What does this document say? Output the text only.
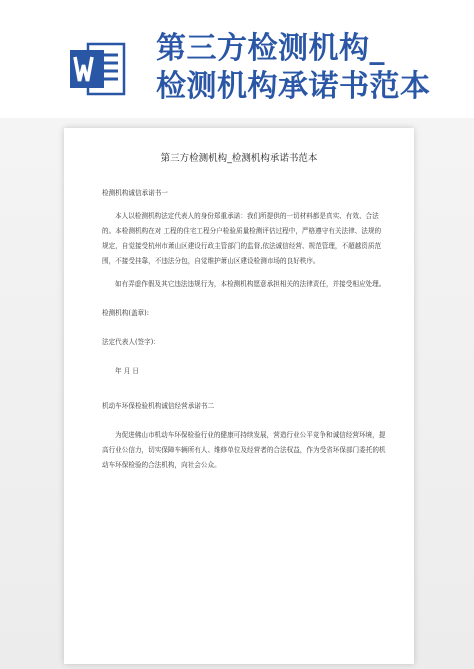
第三方检测机构_
检测机构承诺书范本
第三方检测机构_检测机构承诺书范本

检测机构诚信承诺书一

本人以检测机构法定代表人的身份郑重承诺：我们所提供的一切材料都是真实、有效、合法的。本检测机构在对 工程的住宅工程分户检验质量检测评估过程中，严格遵守有关法律、法规的规定，自觉接受杭州市萧山区建设行政主管部门的监督,依法诚信经营、规范管理，不超越资质范围，不接受挂靠，不违法分包，自觉维护萧山区建设检测市场的良好秩序。

如有弄虚作假及其它违法违规行为，本检测机构愿意承担相关的法律责任，并接受相应处理。

检测机构(盖章):

法定代表人(签字)：

年 月 日

机动车环保检验机构诚信经营承诺书二

为促进佛山市机动车环保检验行业的健康可持续发展，营造行业公平竞争和诚信经营环境，提高行业公信力，切实保障车辆所有人、维修单位及经营者的合法权益，作为受省环保部门委托的机动车环保检验的合法机构，向社会公众。
